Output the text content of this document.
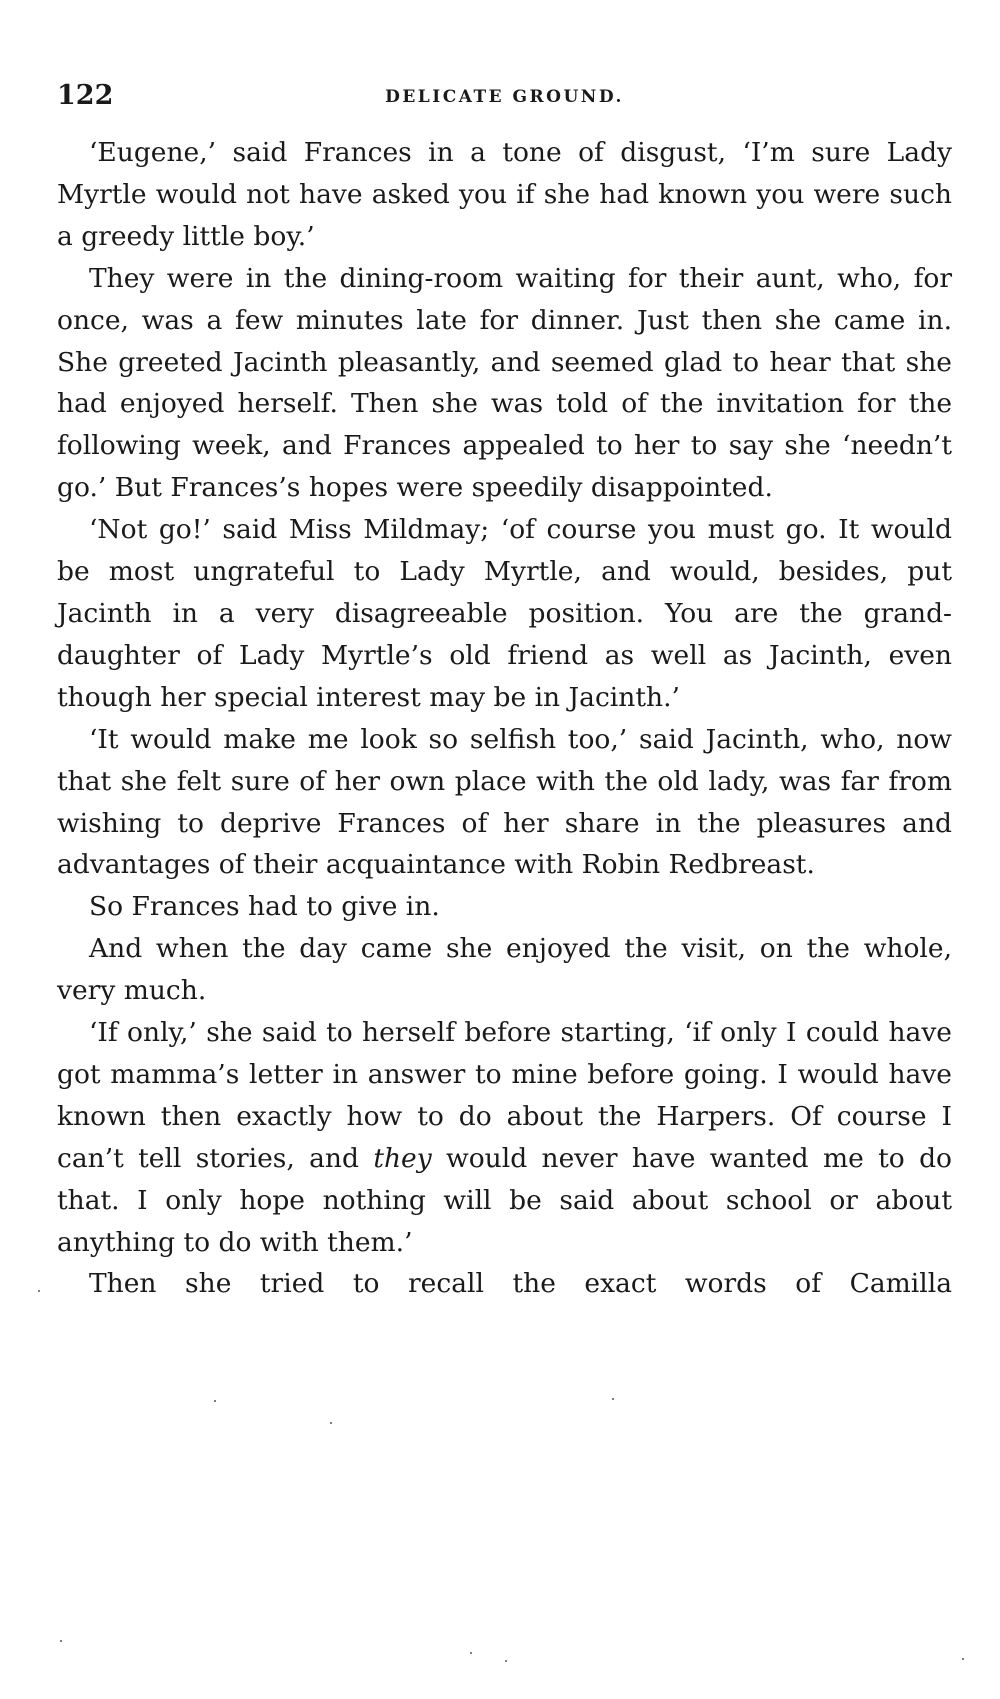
122	DELICATE GROUND.

‘Eugene,’ said Frances in a tone of disgust, ‘I’m sure Lady Myrtle would not have asked you if she had known you were such a greedy little boy.’

They were in the dining-room waiting for their aunt, who, for once, was a few minutes late for dinner. Just then she came in. She greeted Jacinth pleasantly, and seemed glad to hear that she had enjoyed herself. Then she was told of the invitation for the following week, and Frances appealed to her to say she ‘needn’t go.’ But Frances’s hopes were speedily disappointed.

‘Not go!’ said Miss Mildmay; ‘of course you must go. It would be most ungrateful to Lady Myrtle, and would, besides, put Jacinth in a very disagreeable position. You are the grand-daughter of Lady Myrtle’s old friend as well as Jacinth, even though her special interest may be in Jacinth.’

‘It would make me look so selfish too,’ said Jacinth, who, now that she felt sure of her own place with the old lady, was far from wishing to deprive Frances of her share in the pleasures and advantages of their acquaintance with Robin Redbreast.

So Frances had to give in.

And when the day came she enjoyed the visit, on the whole, very much.

‘If only,’ she said to herself before starting, ‘if only I could have got mamma’s letter in answer to mine before going. I would have known then exactly how to do about the Harpers. Of course I can’t tell stories, and they would never have wanted me to do that. I only hope nothing will be said about school or about anything to do with them.’

Then she tried to recall the exact words of Camilla
